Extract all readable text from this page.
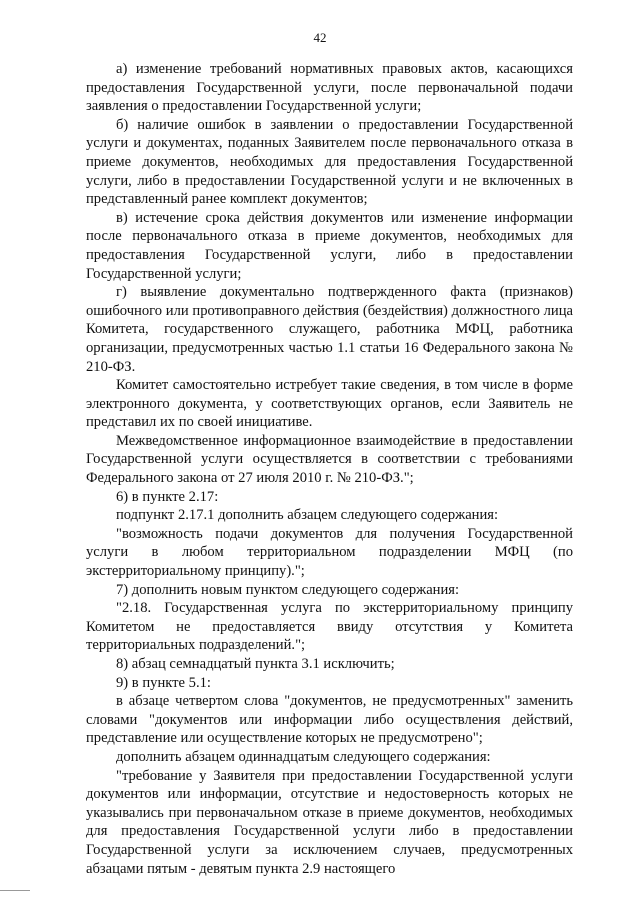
42

а) изменение требований нормативных правовых актов, касающихся предоставления Государственной услуги, после первоначальной подачи заявления о предоставлении Государственной услуги;

б) наличие ошибок в заявлении о предоставлении Государственной услуги и документах, поданных Заявителем после первоначального отказа в приеме документов, необходимых для предоставления Государственной услуги, либо в предоставлении Государственной услуги и не включенных в представленный ранее комплект документов;

в) истечение срока действия документов или изменение информации после первоначального отказа в приеме документов, необходимых для предоставления Государственной услуги, либо в предоставлении Государственной услуги;

г) выявление документально подтвержденного факта (признаков) ошибочного или противоправного действия (бездействия) должностного лица Комитета, государственного служащего, работника МФЦ, работника организации, предусмотренных частью 1.1 статьи 16 Федерального закона № 210-ФЗ.

Комитет самостоятельно истребует такие сведения, в том числе в форме электронного документа, у соответствующих органов, если Заявитель не представил их по своей инициативе.

Межведомственное информационное взаимодействие в предоставлении Государственной услуги осуществляется в соответствии с требованиями Федерального закона от 27 июля 2010 г. № 210-ФЗ.";

6) в пункте 2.17:

подпункт 2.17.1 дополнить абзацем следующего содержания:

"возможность подачи документов для получения Государственной услуги в любом территориальном подразделении МФЦ (по экстерриториальному принципу).";

7) дополнить новым пунктом следующего содержания:

"2.18. Государственная услуга по экстерриториальному принципу Комитетом не предоставляется ввиду отсутствия у Комитета территориальных подразделений.";

8) абзац семнадцатый пункта 3.1 исключить;

9) в пункте 5.1:

в абзаце четвертом слова "документов, не предусмотренных" заменить словами "документов или информации либо осуществления действий, представление или осуществление которых не предусмотрено";

дополнить абзацем одиннадцатым следующего содержания:

"требование у Заявителя при предоставлении Государственной услуги документов или информации, отсутствие и недостоверность которых не указывались при первоначальном отказе в приеме документов, необходимых для предоставления Государственной услуги либо в предоставлении Государственной услуги за исключением случаев, предусмотренных абзацами пятым - девятым пункта 2.9 настоящего
